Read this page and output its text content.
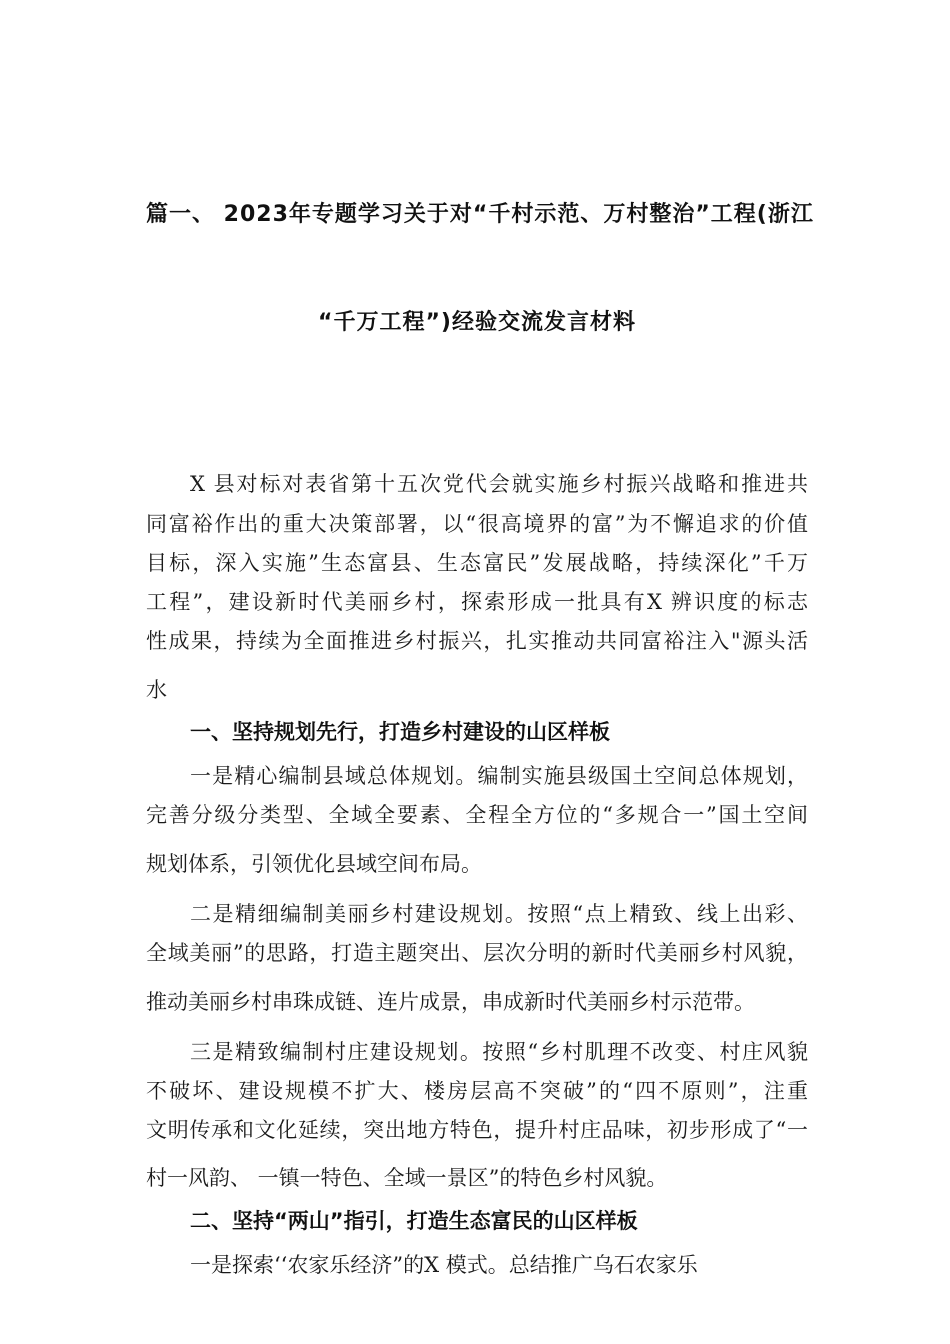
篇一、 2023年专题学习关于对“千村示范、万村整治”工程(浙江
“千万工程”)经验交流发言材料
X 县对标对表省第十五次党代会就实施乡村振兴战略和推进共
同富裕作出的重大决策部署，以“很高境界的富”为不懈追求的价值
目标，深入实施”生态富县、生态富民”发展战略，持续深化”千万
工程”，建设新时代美丽乡村，探索形成一批具有X 辨识度的标志
性成果，持续为全面推进乡村振兴，扎实推动共同富裕注入"源头活
水
一、坚持规划先行，打造乡村建设的山区样板
一是精心编制县域总体规划。编制实施县级国土空间总体规划，
完善分级分类型、全域全要素、全程全方位的“多规合一”国土空间
规划体系，引领优化县域空间布局。
二是精细编制美丽乡村建设规划。按照“点上精致、线上出彩、
全域美丽”的思路，打造主题突出、层次分明的新时代美丽乡村风貌，
推动美丽乡村串珠成链、连片成景，串成新时代美丽乡村示范带。
三是精致编制村庄建设规划。按照“乡村肌理不改变、村庄风貌
不破坏、建设规模不扩大、楼房层高不突破”的“四不原则”，注重
文明传承和文化延续，突出地方特色，提升村庄品味，初步形成了“一
村一风韵、 一镇一特色、全域一景区”的特色乡村风貌。
二、坚持“两山”指引，打造生态富民的山区样板
一是探索‘‘农家乐经济”的X 模式。总结推广乌石农家乐
